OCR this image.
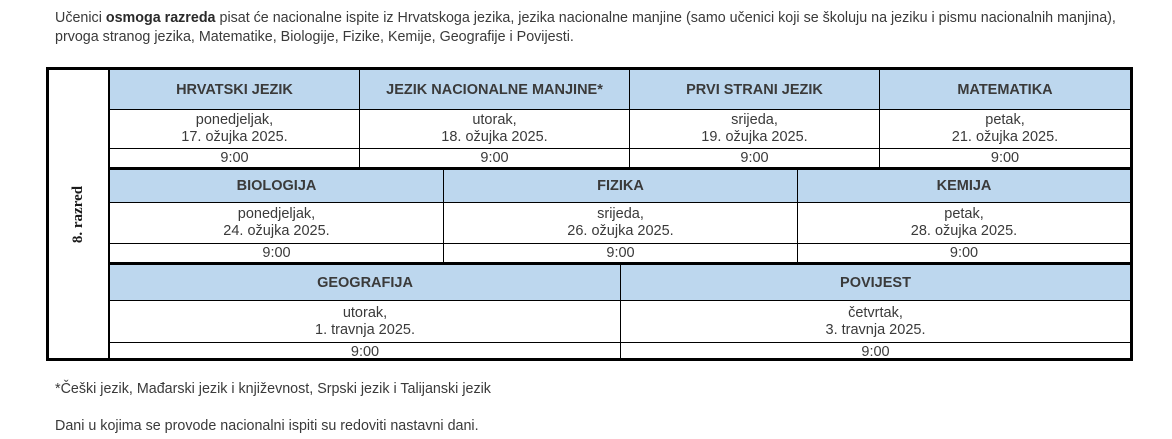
Učenici osmoga razreda pisat će nacionalne ispite iz Hrvatskoga jezika, jezika nacionalne manjine (samo učenici koji se školuju na jeziku i pismu nacionalnih manjina), prvoga stranog jezika, Matematike, Biologije, Fizike, Kemije, Geografije i Povijesti.

8. razred
HRVATSKI JEZIK
ponedjeljak,
17. ožujka 2025.
9:00
JEZIK NACIONALNE MANJINE*
utorak,
18. ožujka 2025.
9:00
PRVI STRANI JEZIK
srijeda,
19. ožujka 2025.
9:00
MATEMATIKA
petak,
21. ožujka 2025.
9:00
BIOLOGIJA
ponedjeljak,
24. ožujka 2025.
9:00
FIZIKA
srijeda,
26. ožujka 2025.
9:00
KEMIJA
petak,
28. ožujka 2025.
9:00
GEOGRAFIJA
utorak,
1. travnja 2025.
9:00
POVIJEST
četvrtak,
3. travnja 2025.
9:00

*Češki jezik, Mađarski jezik i književnost, Srpski jezik i Talijanski jezik

Dani u kojima se provode nacionalni ispiti su redoviti nastavni dani.
